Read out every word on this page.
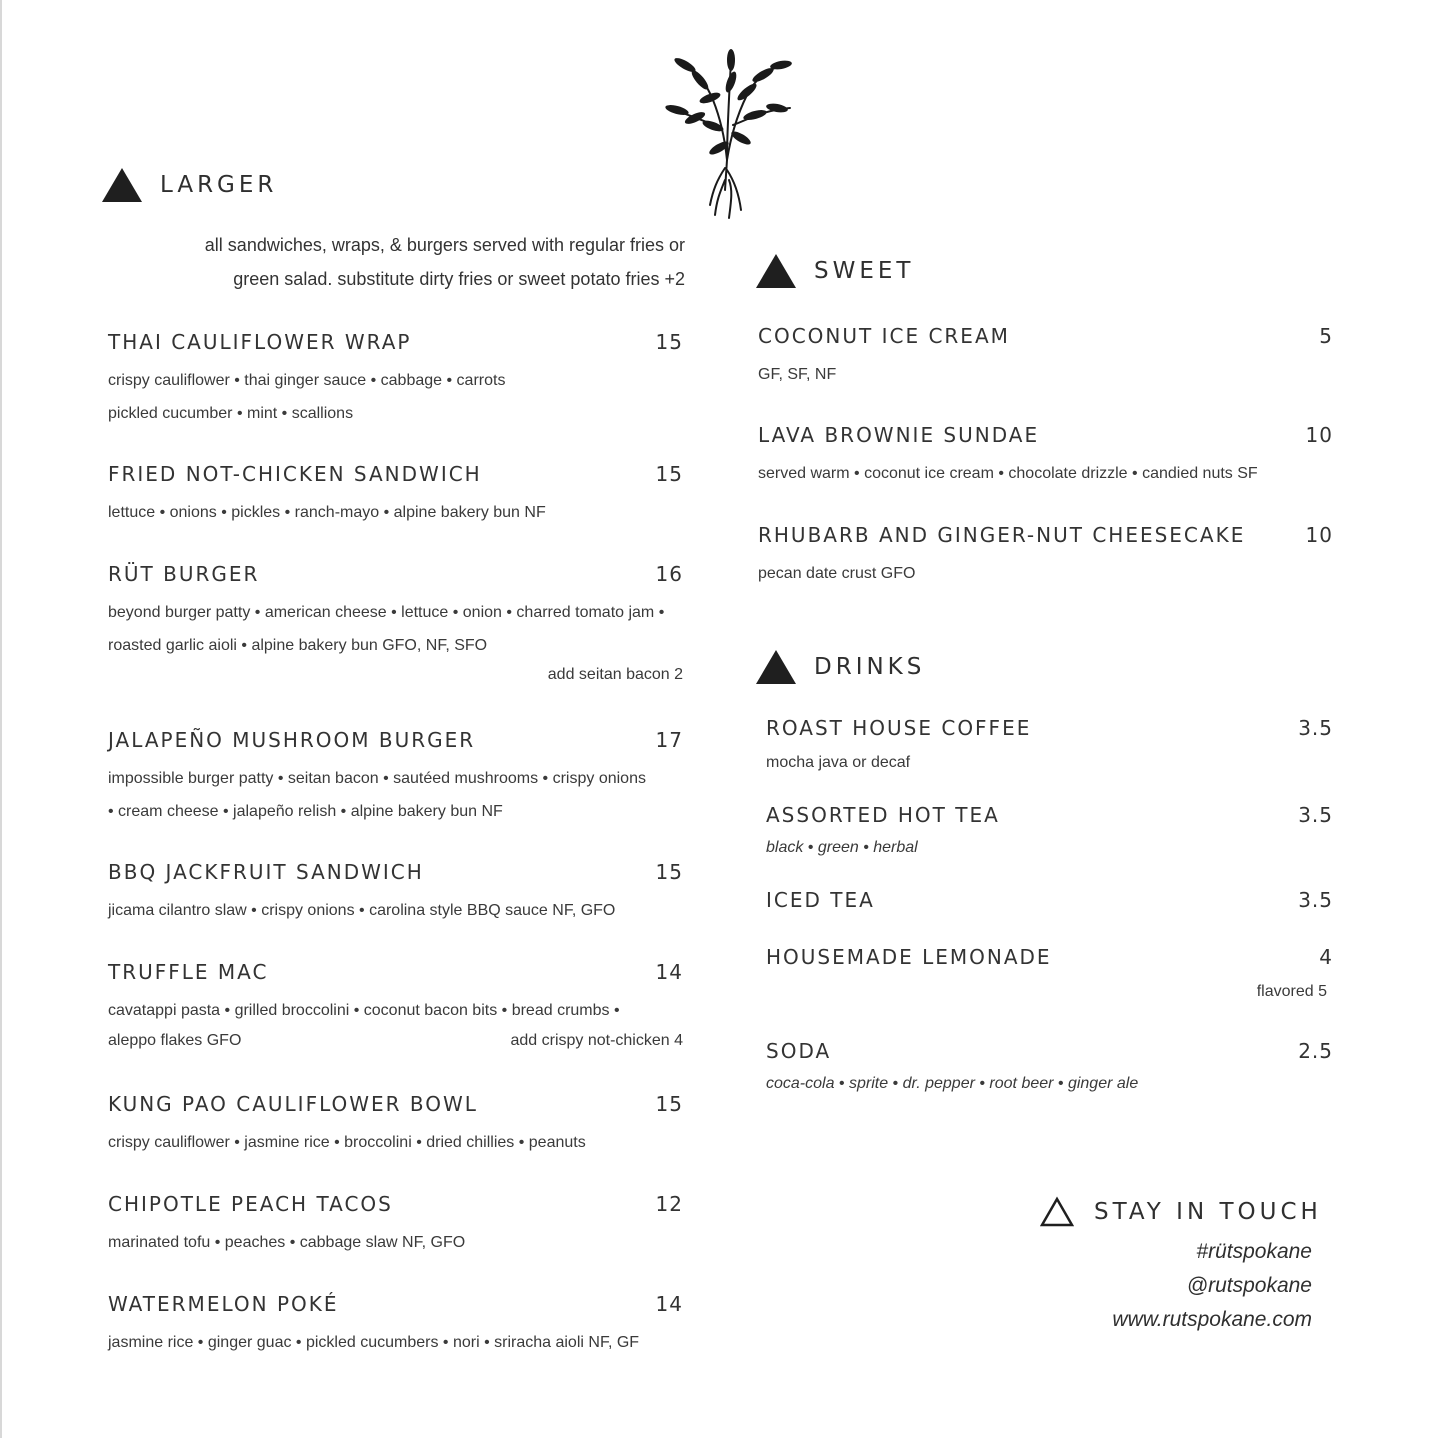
LARGER
all sandwiches, wraps, & burgers served with regular fries or
green salad. substitute dirty fries or sweet potato fries +2
THAI CAULIFLOWER WRAP	15
crispy cauliflower • thai ginger sauce • cabbage • carrots pickled cucumber • mint • scallions
FRIED NOT-CHICKEN SANDWICH	15
lettuce • onions • pickles • ranch-mayo • alpine bakery bun NF
RÜT BURGER	16
beyond burger patty • american cheese • lettuce • onion • charred tomato jam • roasted garlic aioli • alpine bakery bun GFO, NF, SFO
add seitan bacon 2
JALAPEÑO MUSHROOM BURGER	17
impossible burger patty • seitan bacon • sautéed mushrooms • crispy onions • cream cheese • jalapeño relish • alpine bakery bun NF
BBQ JACKFRUIT SANDWICH	15
jicama cilantro slaw • crispy onions • carolina style BBQ sauce NF, GFO
TRUFFLE MAC	14
cavatappi pasta • grilled broccolini • coconut bacon bits • bread crumbs •
aleppo flakes GFO	add crispy not-chicken 4
KUNG PAO CAULIFLOWER BOWL	15
crispy cauliflower • jasmine rice • broccolini • dried chillies • peanuts
CHIPOTLE PEACH TACOS	12
marinated tofu • peaches • cabbage slaw NF, GFO
WATERMELON POKÉ	14
jasmine rice • ginger guac • pickled cucumbers • nori • sriracha aioli NF, GF
SWEET
COCONUT ICE CREAM	5
GF, SF, NF
LAVA BROWNIE SUNDAE	10
served warm • coconut ice cream • chocolate drizzle • candied nuts SF
RHUBARB AND GINGER-NUT CHEESECAKE	10
pecan date crust GFO
DRINKS
ROAST HOUSE COFFEE	3.5
mocha java or decaf
ASSORTED HOT TEA	3.5
black • green • herbal
ICED TEA	3.5
HOUSEMADE LEMONADE	4
flavored 5
SODA	2.5
coca-cola • sprite • dr. pepper • root beer • ginger ale
STAY IN TOUCH
#rütspokane
@rutspokane
www.rutspokane.com
